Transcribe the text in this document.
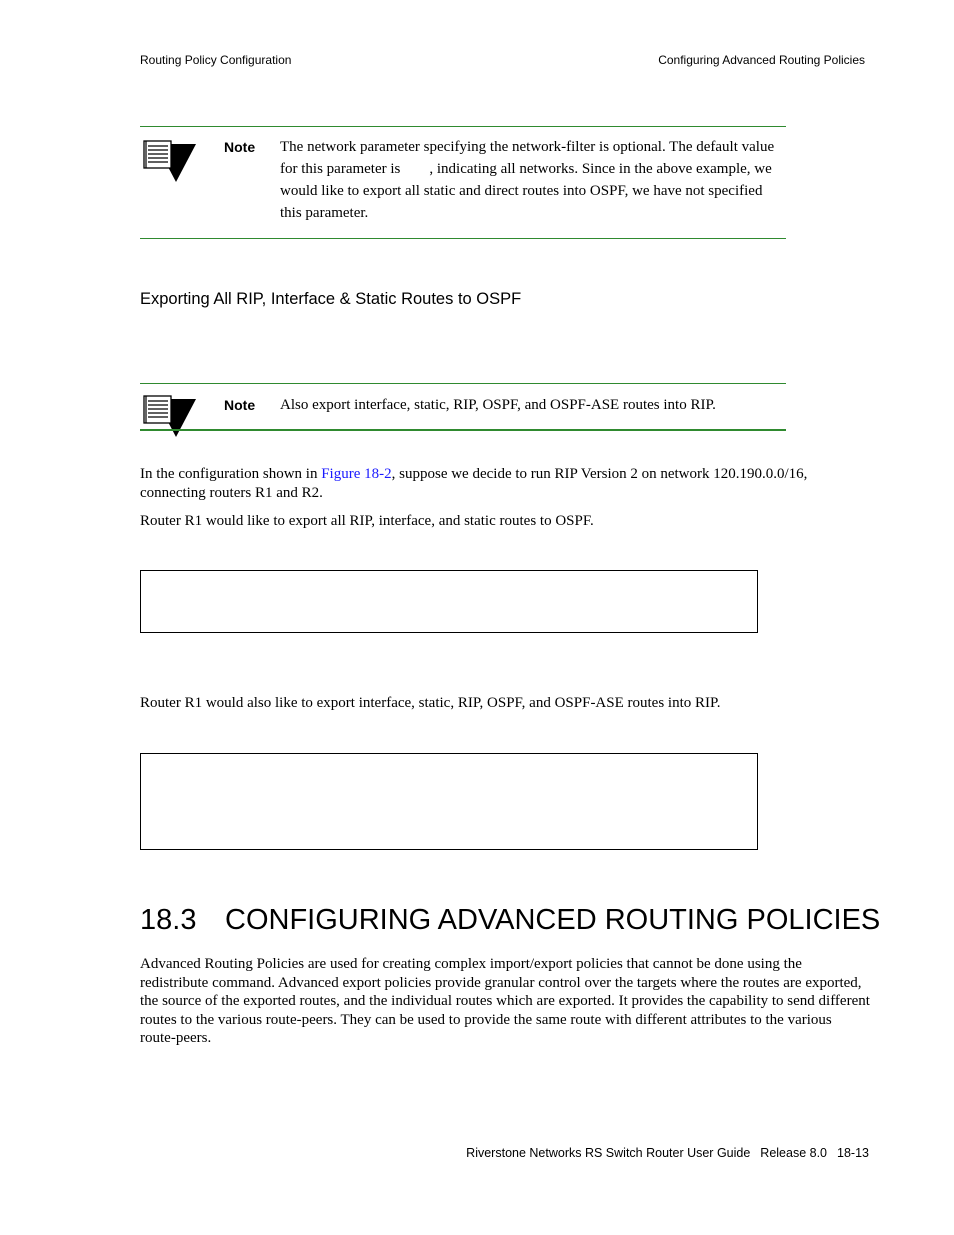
Routing Policy Configuration	Configuring Advanced Routing Policies
Note The network parameter specifying the network-filter is optional. The default value for this parameter is , indicating all networks. Since in the above example, we would like to export all static and direct routes into OSPF, we have not specified this parameter.
Exporting All RIP, Interface & Static Routes to OSPF
Note Also export interface, static, RIP, OSPF, and OSPF-ASE routes into RIP.
In the configuration shown in Figure 18-2, suppose we decide to run RIP Version 2 on network 120.190.0.0/16, connecting routers R1 and R2.
Router R1 would like to export all RIP, interface, and static routes to OSPF.
Router R1 would also like to export interface, static, RIP, OSPF, and OSPF-ASE routes into RIP.
18.3 CONFIGURING ADVANCED ROUTING POLICIES
Advanced Routing Policies are used for creating complex import/export policies that cannot be done using the redistribute command. Advanced export policies provide granular control over the targets where the routes are exported, the source of the exported routes, and the individual routes which are exported. It provides the capability to send different routes to the various route-peers. They can be used to provide the same route with different attributes to the various route-peers.
Riverstone Networks RS Switch Router User Guide Release 8.0 18-13
